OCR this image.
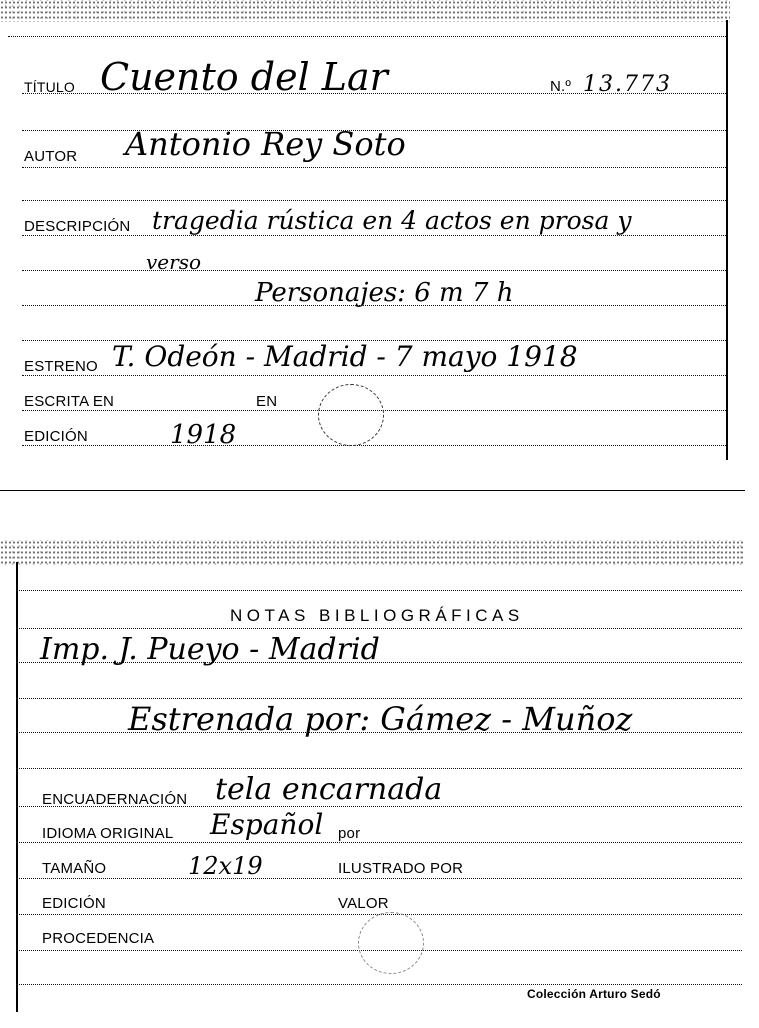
TÍTULO Cuento del Lar	N.º 13.773
AUTOR Antonio Rey Soto
DESCRIPCIÓN tragedia rústica en 4 actos en prosa y
verso
Personajes: 6 m 7 h
ESTRENO T. Odeón - Madrid - 7 mayo 1918
ESCRITA EN	EN
EDICIÓN	1918
NOTAS BIBLIOGRÁFICAS
Imp. J. Pueyo - Madrid
Estrenada por: Gámez - Muñoz
ENCUADERNACIÓN tela encarnada
IDIOMA ORIGINAL Español por
TAMAÑO	12x19	ILUSTRADO POR
EDICIÓN	VALOR
PROCEDENCIA
Colección Arturo Sedó
